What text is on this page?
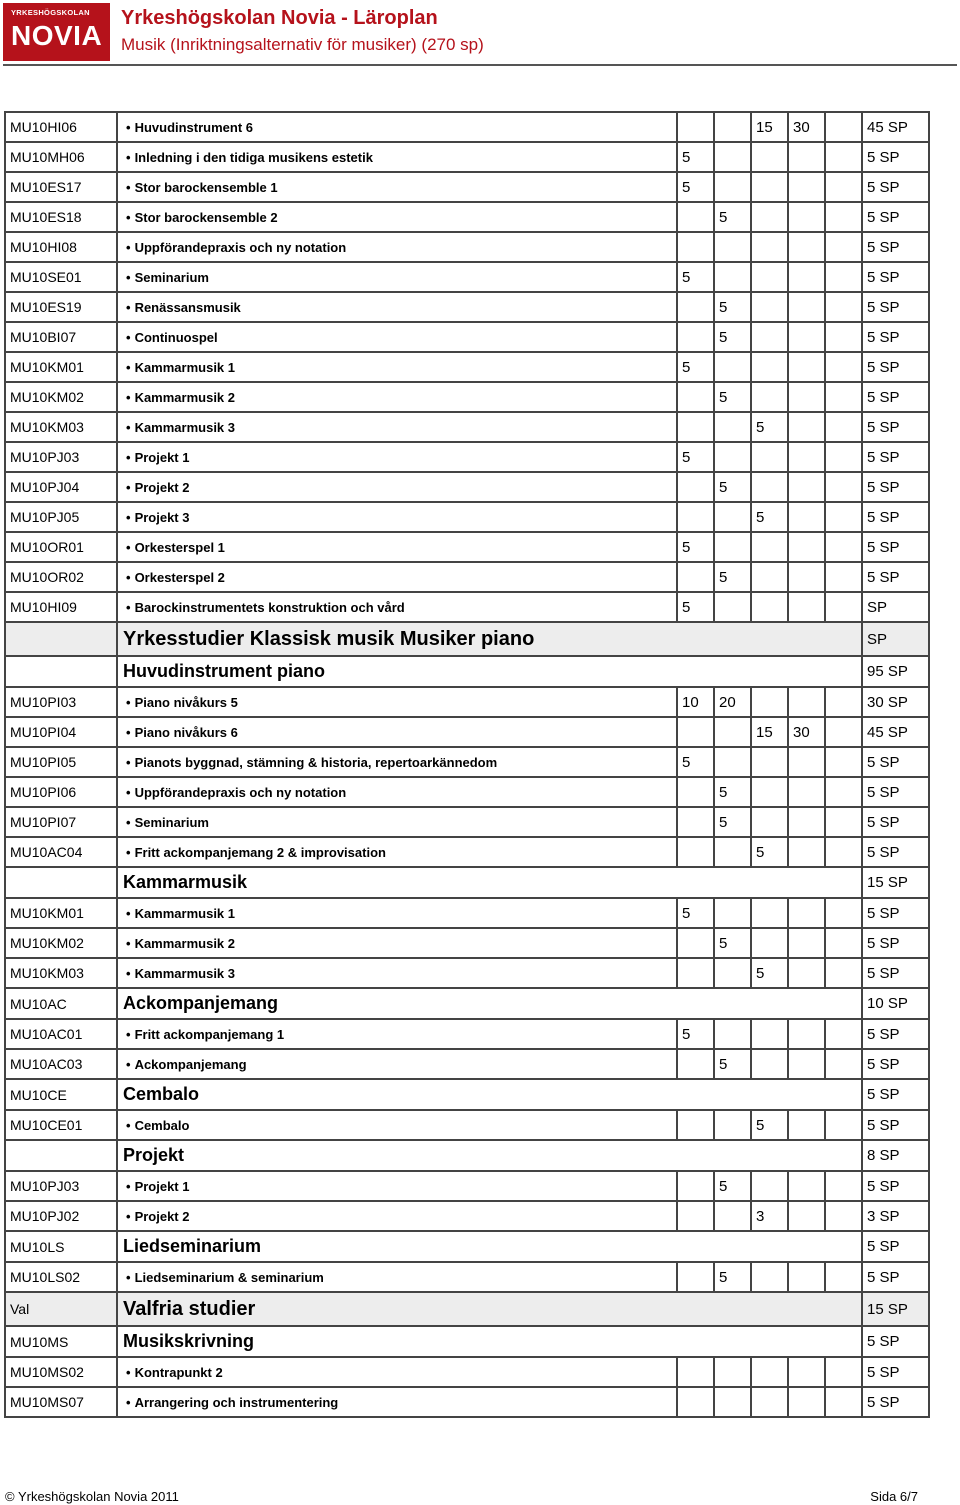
YRKESHÖGSKOLAN
NOVIA
Yrkeshögskolan Novia - Läroplan
Musik (Inriktningsalternativ för musiker) (270 sp)
MU10HI06	• Huvudinstrument 6			15	30		45 SP
MU10MH06	• Inledning i den tidiga musikens estetik	5					5 SP
MU10ES17	• Stor barockensemble 1	5					5 SP
MU10ES18	• Stor barockensemble 2		5				5 SP
MU10HI08	• Uppförandepraxis och ny notation						5 SP
MU10SE01	• Seminarium	5					5 SP
MU10ES19	• Renässansmusik		5				5 SP
MU10BI07	• Continuospel		5				5 SP
MU10KM01	• Kammarmusik 1	5					5 SP
MU10KM02	• Kammarmusik 2		5				5 SP
MU10KM03	• Kammarmusik 3			5			5 SP
MU10PJ03	• Projekt 1	5					5 SP
MU10PJ04	• Projekt 2		5				5 SP
MU10PJ05	• Projekt 3			5			5 SP
MU10OR01	• Orkesterspel 1	5					5 SP
MU10OR02	• Orkesterspel 2		5				5 SP
MU10HI09	• Barockinstrumentets konstruktion och vård	5					SP
	Yrkesstudier Klassisk musik Musiker piano						SP
	Huvudinstrument piano						95 SP
MU10PI03	• Piano nivåkurs 5	10	20				30 SP
MU10PI04	• Piano nivåkurs 6			15	30		45 SP
MU10PI05	• Pianots byggnad, stämning & historia, repertoarkännedom	5					5 SP
MU10PI06	• Uppförandepraxis och ny notation		5				5 SP
MU10PI07	• Seminarium		5				5 SP
MU10AC04	• Fritt ackompanjemang 2 & improvisation			5			5 SP
	Kammarmusik						15 SP
MU10KM01	• Kammarmusik 1	5					5 SP
MU10KM02	• Kammarmusik 2		5				5 SP
MU10KM03	• Kammarmusik 3			5			5 SP
MU10AC	Ackompanjemang						10 SP
MU10AC01	• Fritt ackompanjemang 1	5					5 SP
MU10AC03	• Ackompanjemang		5				5 SP
MU10CE	Cembalo						5 SP
MU10CE01	• Cembalo			5			5 SP
	Projekt						8 SP
MU10PJ03	• Projekt 1		5				5 SP
MU10PJ02	• Projekt 2			3			3 SP
MU10LS	Liedseminarium						5 SP
MU10LS02	• Liedseminarium & seminarium		5				5 SP
Val	Valfria studier						15 SP
MU10MS	Musikskrivning						5 SP
MU10MS02	• Kontrapunkt 2						5 SP
MU10MS07	• Arrangering och instrumentering						5 SP
© Yrkeshögskolan Novia 2011	Sida 6/7
